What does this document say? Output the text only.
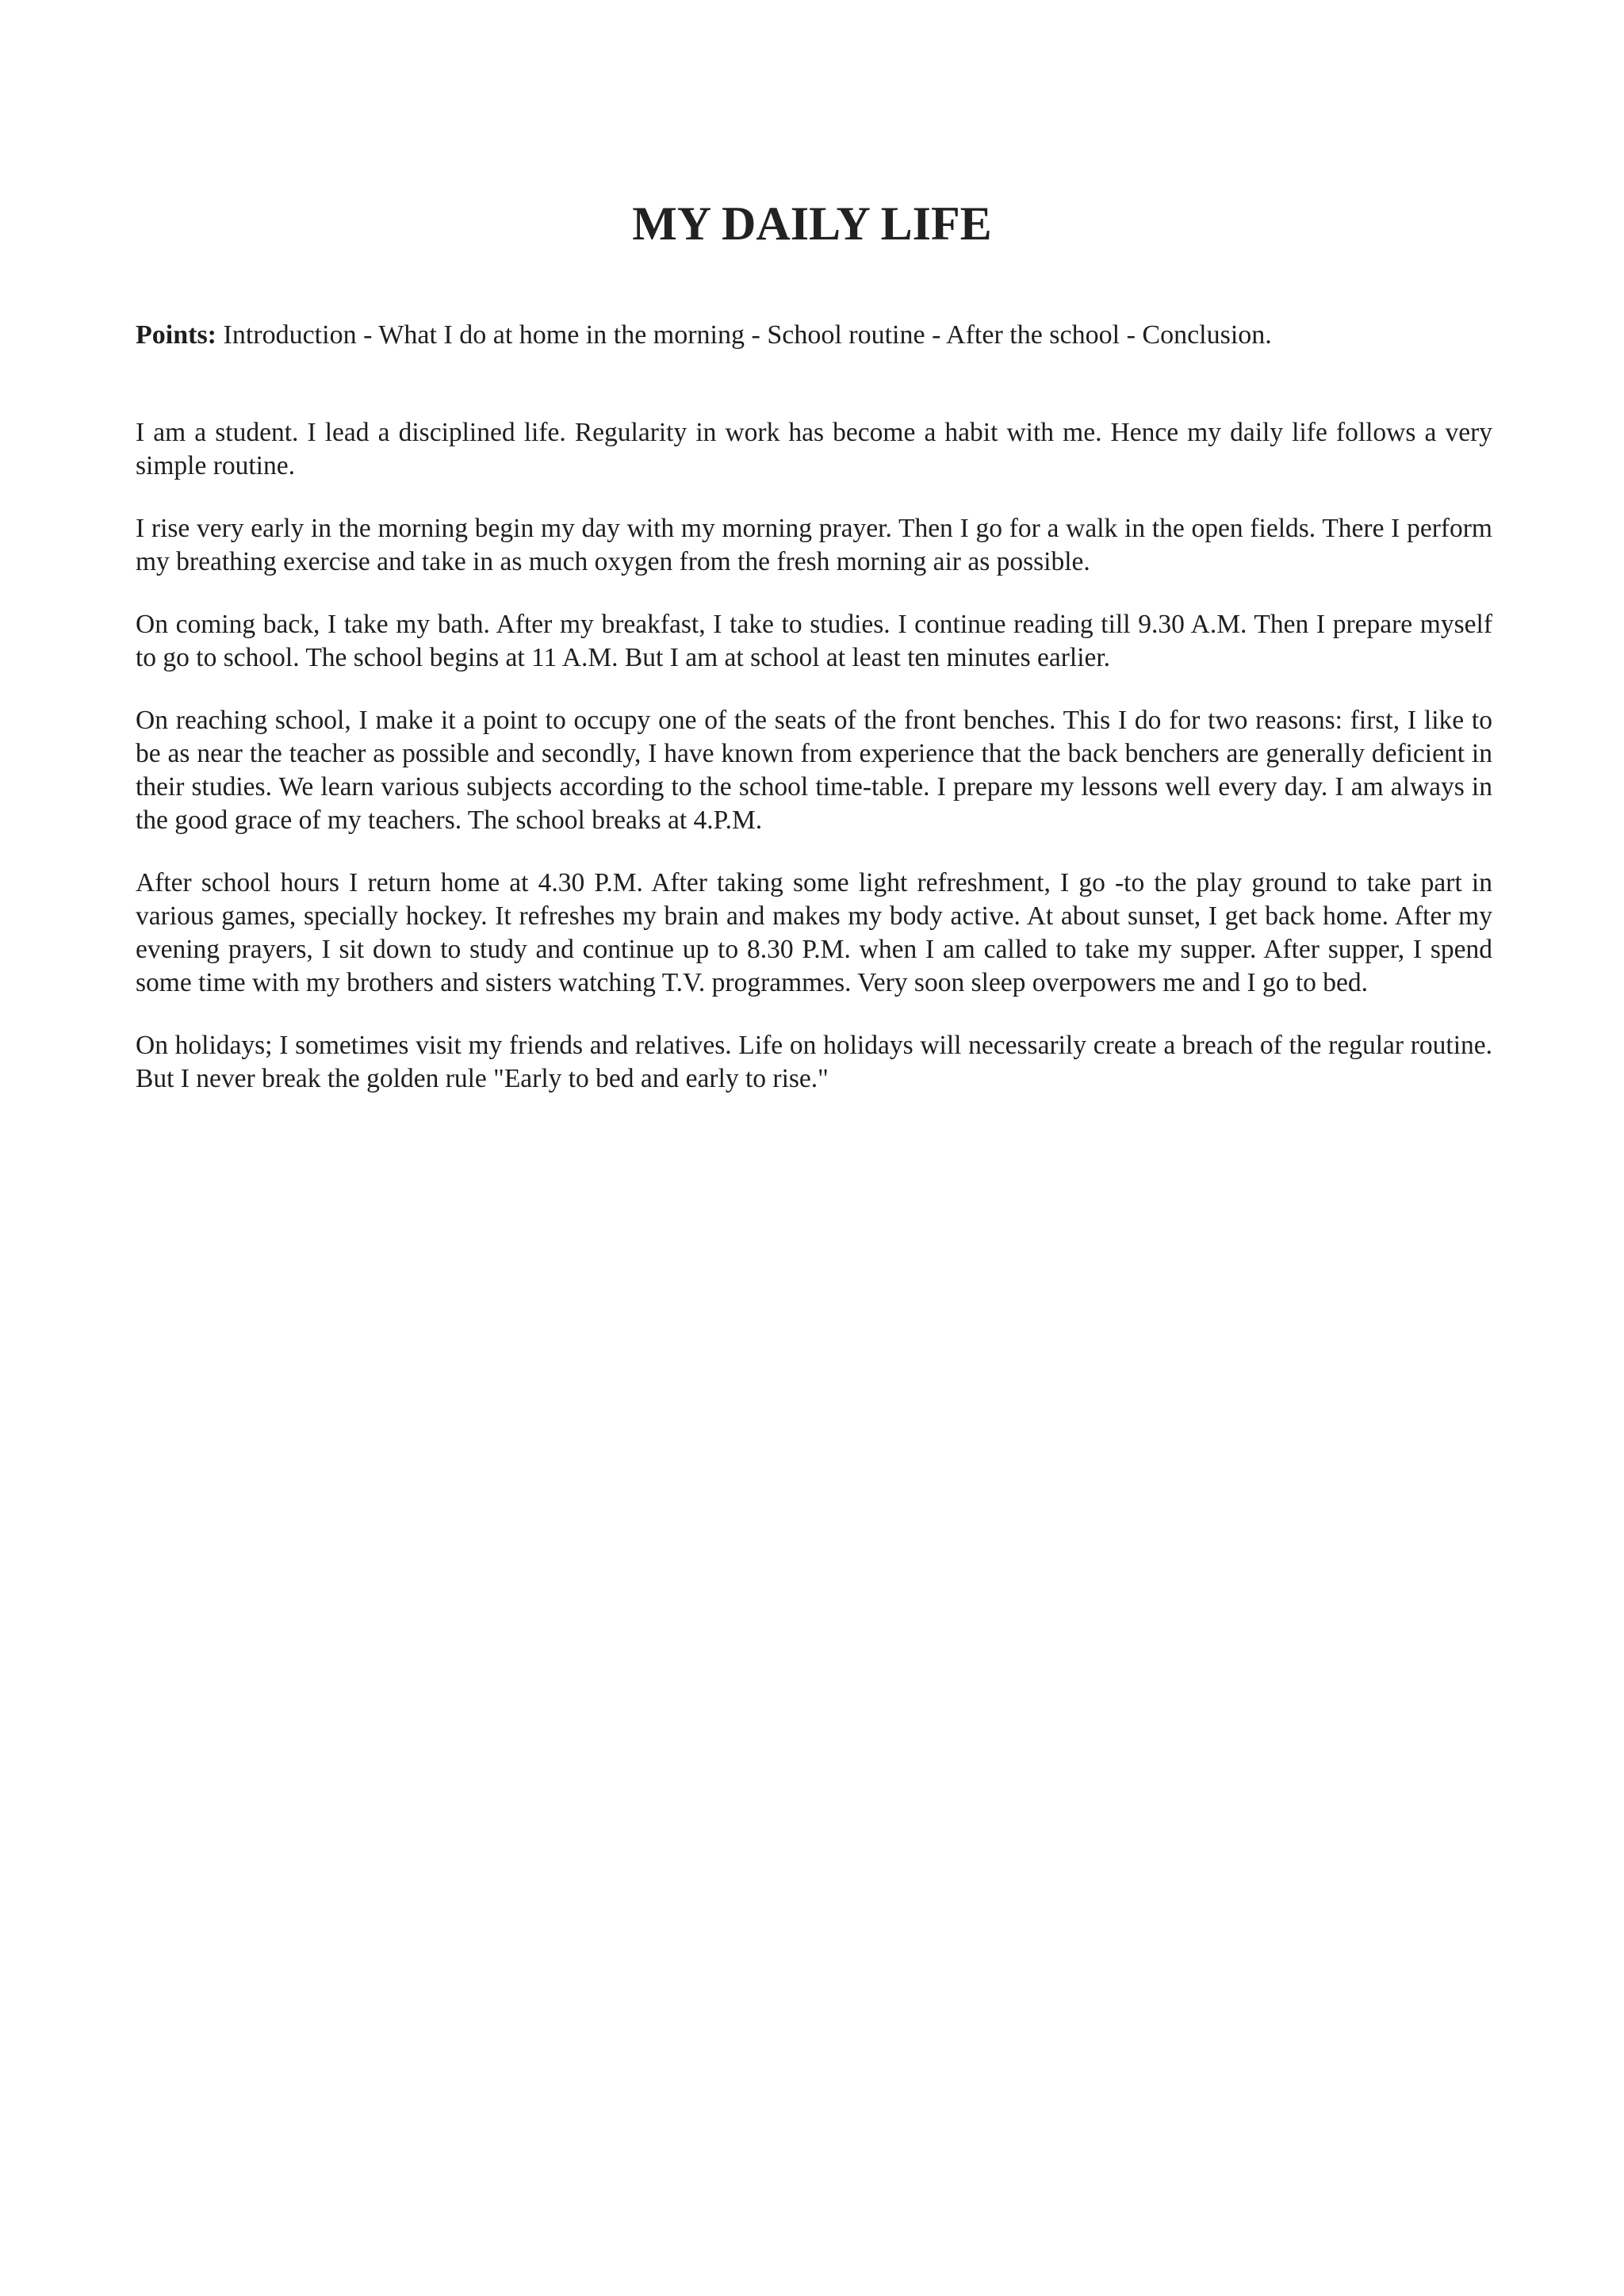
MY DAILY LIFE

Points: Introduction - What I do at home in the morning - School routine - After the school - Conclusion.

I am a student. I lead a disciplined life. Regularity in work has become a habit with me. Hence my daily life follows a very simple routine.

I rise very early in the morning begin my day with my morning prayer. Then I go for a walk in the open fields. There I perform my breathing exercise and take in as much oxygen from the fresh morning air as possible.

On coming back, I take my bath. After my breakfast, I take to studies. I continue reading till 9.30 A.M. Then I prepare myself to go to school. The school begins at 11 A.M. But I am at school at least ten minutes earlier.

On reaching school, I make it a point to occupy one of the seats of the front benches. This I do for two reasons: first, I like to be as near the teacher as possible and secondly, I have known from experience that the back benchers are generally deficient in their studies. We learn various subjects according to the school time-table. I prepare my lessons well every day. I am always in the good grace of my teachers. The school breaks at 4.P.M.

After school hours I return home at 4.30 P.M. After taking some light refreshment, I go -to the play ground to take part in various games, specially hockey. It refreshes my brain and makes my body active. At about sunset, I get back home. After my evening prayers, I sit down to study and continue up to 8.30 P.M. when I am called to take my supper. After supper, I spend some time with my brothers and sisters watching T.V. programmes. Very soon sleep overpowers me and I go to bed.

On holidays; I sometimes visit my friends and relatives. Life on holidays will necessarily create a breach of the regular routine. But I never break the golden rule "Early to bed and early to rise."
